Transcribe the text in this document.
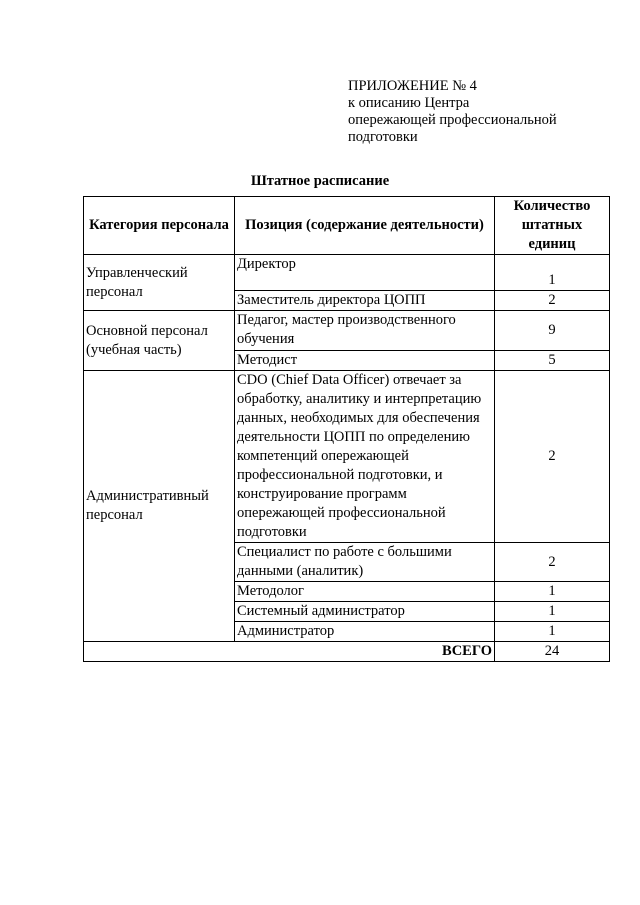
ПРИЛОЖЕНИЕ № 4
к описанию Центра
опережающей профессиональной
подготовки
Штатное расписание
Категория персонала	Позиция (содержание деятельности)	Количество штатных единиц
Управленческий персонал	Директор	1
	Заместитель директора ЦОПП	2
Основной персонал (учебная часть)	Педагог, мастер производственного обучения	9
	Методист	5
Административный персонал	CDO (Chief Data Officer) отвечает за обработку, аналитику и интерпретацию данных, необходимых для обеспечения деятельности ЦОПП по определению компетенций опережающей профессиональной подготовки, и конструирование программ опережающей профессиональной подготовки	2
	Специалист по работе с большими данными (аналитик)	2
	Методолог	1
	Системный администратор	1
	Администратор	1
ВСЕГО		24
